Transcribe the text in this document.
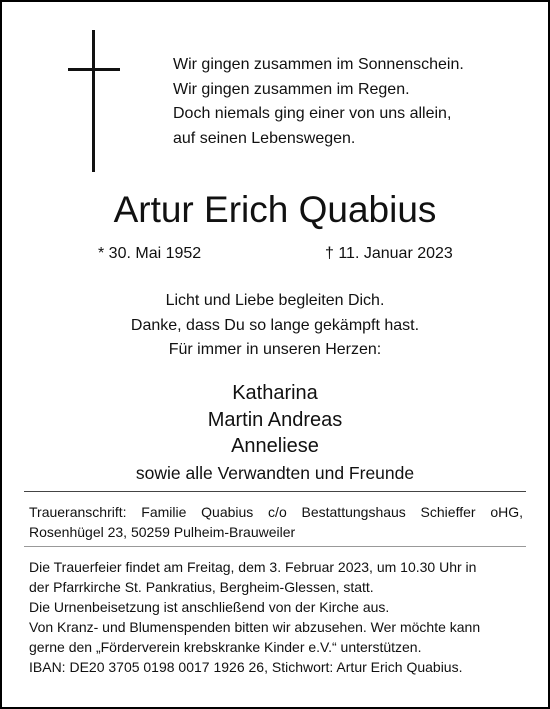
Wir gingen zusammen im Sonnenschein.
Wir gingen zusammen im Regen.
Doch niemals ging einer von uns allein,
auf seinen Lebenswegen.
Artur Erich Quabius
* 30. Mai 1952	† 11. Januar 2023
Licht und Liebe begleiten Dich.
Danke, dass Du so lange gekämpft hast.
Für immer in unseren Herzen:
Katharina
Martin Andreas
Anneliese
sowie alle Verwandten und Freunde
Traueranschrift: Familie Quabius c/o Bestattungshaus Schieffer oHG,
Rosenhügel 23, 50259 Pulheim-Brauweiler
Die Trauerfeier findet am Freitag, dem 3. Februar 2023, um 10.30 Uhr in
der Pfarrkirche St. Pankratius, Bergheim-Glessen, statt.
Die Urnenbeisetzung ist anschließend von der Kirche aus.
Von Kranz- und Blumenspenden bitten wir abzusehen. Wer möchte kann
gerne den „Förderverein krebskranke Kinder e.V.“ unterstützen.
IBAN: DE20 3705 0198 0017 1926 26, Stichwort: Artur Erich Quabius.
